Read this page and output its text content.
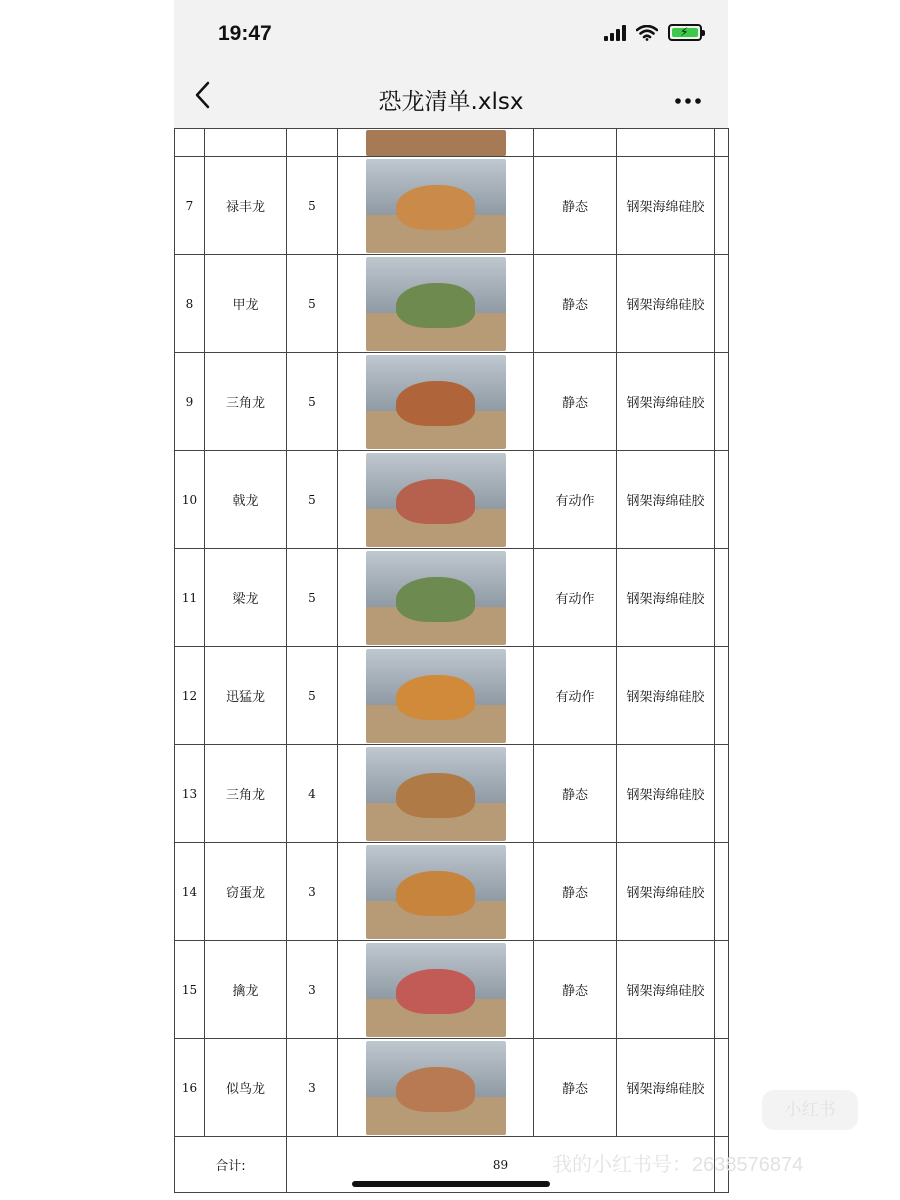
19:47	⚡
恐龙清单.xlsx

7	禄丰龙	5		静态	钢架海绵硅胶	
8	甲龙	5		静态	钢架海绵硅胶	
9	三角龙	5		静态	钢架海绵硅胶	
10	戟龙	5		有动作	钢架海绵硅胶	
11	梁龙	5		有动作	钢架海绵硅胶	
12	迅猛龙	5		有动作	钢架海绵硅胶	
13	三角龙	4		静态	钢架海绵硅胶	
14	窃蛋龙	3		静态	钢架海绵硅胶	
15	擒龙	3		静态	钢架海绵硅胶	
16	似鸟龙	3		静态	钢架海绵硅胶	
合计:		89				
小红书
我的小红书号：2638576874
